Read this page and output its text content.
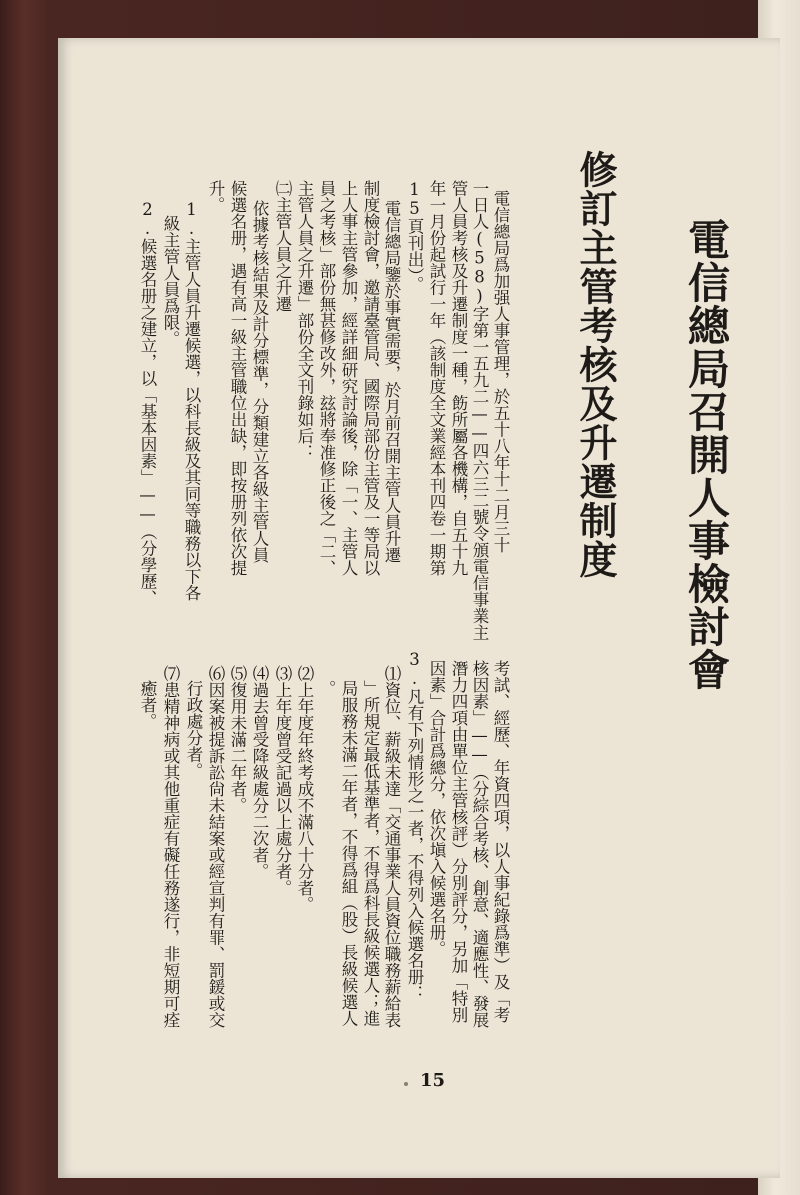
電信總局召開人事檢討會
修訂主管考核及升遷制度
電信總局爲加强人事管理，於五十八年十二月三十
一日人(58)字第一五九二——四六三二號令頒電信事業主
管人員考核及升遷制度一種，飭所屬各機構，自五十九
年一月份起試行一年（該制度全文業經本刊四卷一期第
15頁刊出）。
電信總局鑒於事實需要，於月前召開主管人員升遷
制度檢討會，邀請臺管局、國際局部份主管及一等局以
上人事主管參加，經詳細研究討論後，除「一、主管人
員之考核」部份無甚修改外，玆將奉准修正後之「二、
主管人員之升遷」部份全文刊錄如后：
㈡主管人員之升遷
依據考核結果及計分標準，分類建立各級主管人員
候選名册，遇有高一級主管職位出缺，即按册列依次提
升。
1.主管人員升遷候選，以科長級及其同等職務以下各
級主管人員爲限。
2.候選名册之建立，以「基本因素」——（分學歷、
考試、經歷、年資四項，以人事紀錄爲準）及「考
核因素」——（分綜合考核、創意、適應性、發展
潛力四項由單位主管核評）分別評分，另加「特別
因素」合計爲總分，依次塡入候選名册。
3.凡有下列情形之一者，不得列入候選名册：
⑴資位、薪級未達「交通事業人員資位職務薪給表
」所規定最低基準者，不得爲科長級候選人；進
局服務未滿二年者，不得爲組（股）長級候選人
。
⑵上年度年終考成不滿八十分者。
⑶上年度曾受記過以上處分者。
⑷過去曾受降級處分二次者。
⑸復用未滿二年者。
⑹因案被提訴訟尙未結案或經宣判有罪、罰鍰或交
行政處分者。
⑺患精神病或其他重症有礙任務遂行，非短期可痊
癒者。
15
